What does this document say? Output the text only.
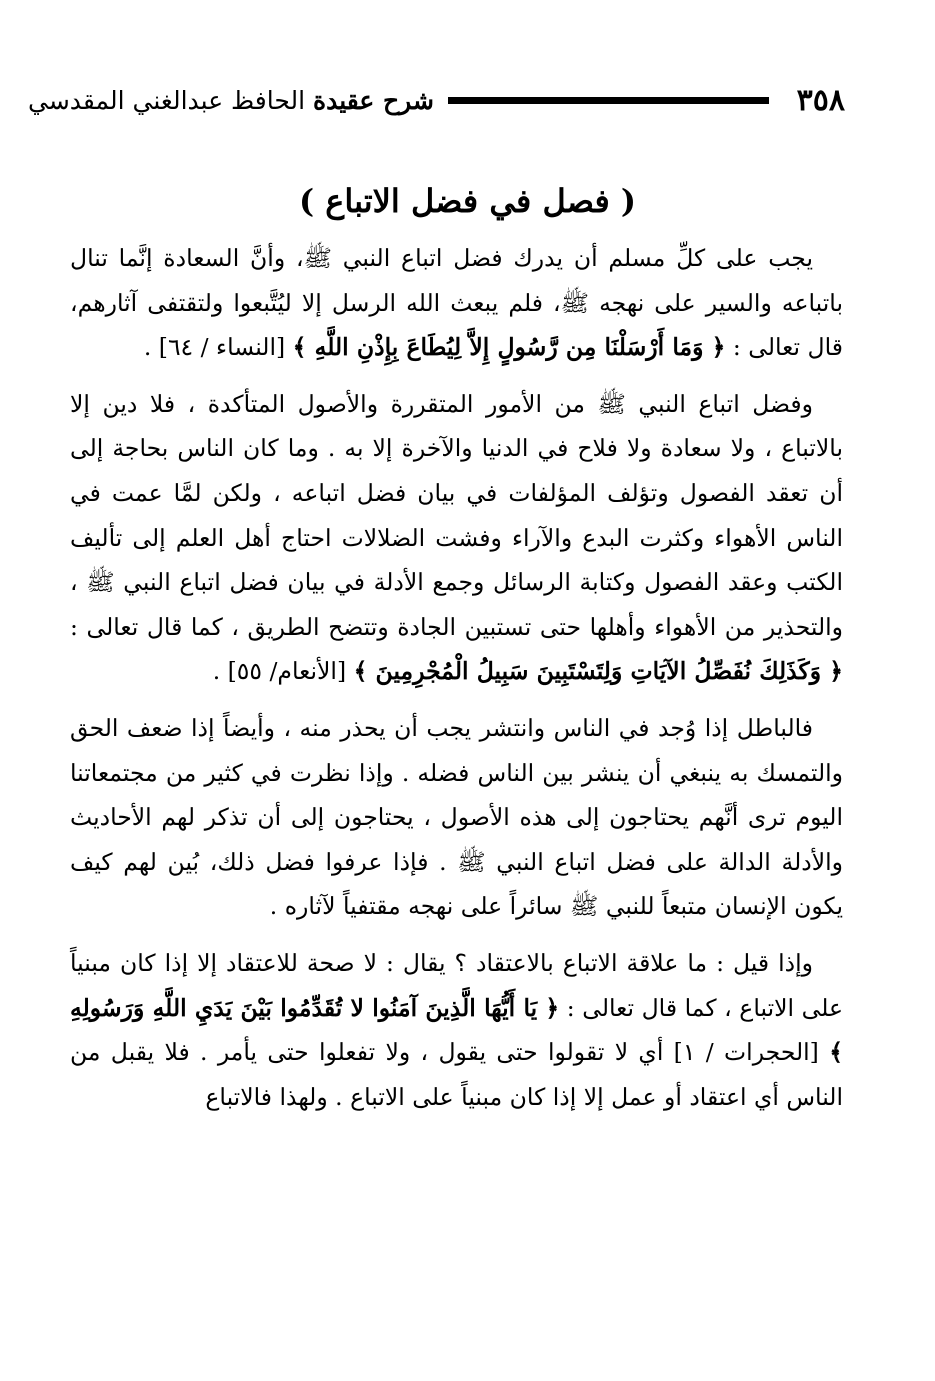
٣٥٨
شرح عقيدة الحافظ عبدالغني المقدسي
( فصل في فضل الاتباع )

يجب على كلِّ مسلم أن يدرك فضل اتباع النبي ﷺ، وأنَّ السعادة إنَّما تنال باتباعه والسير على نهجه ﷺ، فلم يبعث الله الرسل إلا ليُتَّبعوا ولتقتفى آثارهم، قال تعالى : ﴿ وَمَا أَرْسَلْنَا مِن رَّسُولٍ إِلاَّ لِيُطَاعَ بِإِذْنِ اللَّهِ ﴾ [النساء / ٦٤] .

وفضل اتباع النبي ﷺ من الأمور المتقررة والأصول المتأكدة ، فلا دين إلا بالاتباع ، ولا سعادة ولا فلاح في الدنيا والآخرة إلا به . وما كان الناس بحاجة إلى أن تعقد الفصول وتؤلف المؤلفات في بيان فضل اتباعه ، ولكن لمَّا عمت في الناس الأهواء وكثرت البدع والآراء وفشت الضلالات احتاج أهل العلم إلى تأليف الكتب وعقد الفصول وكتابة الرسائل وجمع الأدلة في بيان فضل اتباع النبي ﷺ ، والتحذير من الأهواء وأهلها حتى تستبين الجادة وتتضح الطريق ، كما قال تعالى : ﴿ وَكَذَلِكَ نُفَصِّلُ الآيَاتِ وَلِتَسْتَبِينَ سَبِيلُ الْمُجْرِمِينَ ﴾ [الأنعام/ ٥٥] .

فالباطل إذا وُجد في الناس وانتشر يجب أن يحذر منه ، وأيضاً إذا ضعف الحق والتمسك به ينبغي أن ينشر بين الناس فضله . وإذا نظرت في كثير من مجتمعاتنا اليوم ترى أنَّهم يحتاجون إلى هذه الأصول ، يحتاجون إلى أن تذكر لهم الأحاديث والأدلة الدالة على فضل اتباع النبي ﷺ . فإذا عرفوا فضل ذلك، بُين لهم كيف يكون الإنسان متبعاً للنبي ﷺ سائراً على نهجه مقتفياً لآثاره .

وإذا قيل : ما علاقة الاتباع بالاعتقاد ؟ يقال : لا صحة للاعتقاد إلا إذا كان مبنياً على الاتباع ، كما قال تعالى : ﴿ يَا أَيُّهَا الَّذِينَ آمَنُوا لا تُقَدِّمُوا بَيْنَ يَدَيِ اللَّهِ وَرَسُولِهِ ﴾ [الحجرات / ١] أي لا تقولوا حتى يقول ، ولا تفعلوا حتى يأمر . فلا يقبل من الناس أي اعتقاد أو عمل إلا إذا كان مبنياً على الاتباع . ولهذا فالاتباع
